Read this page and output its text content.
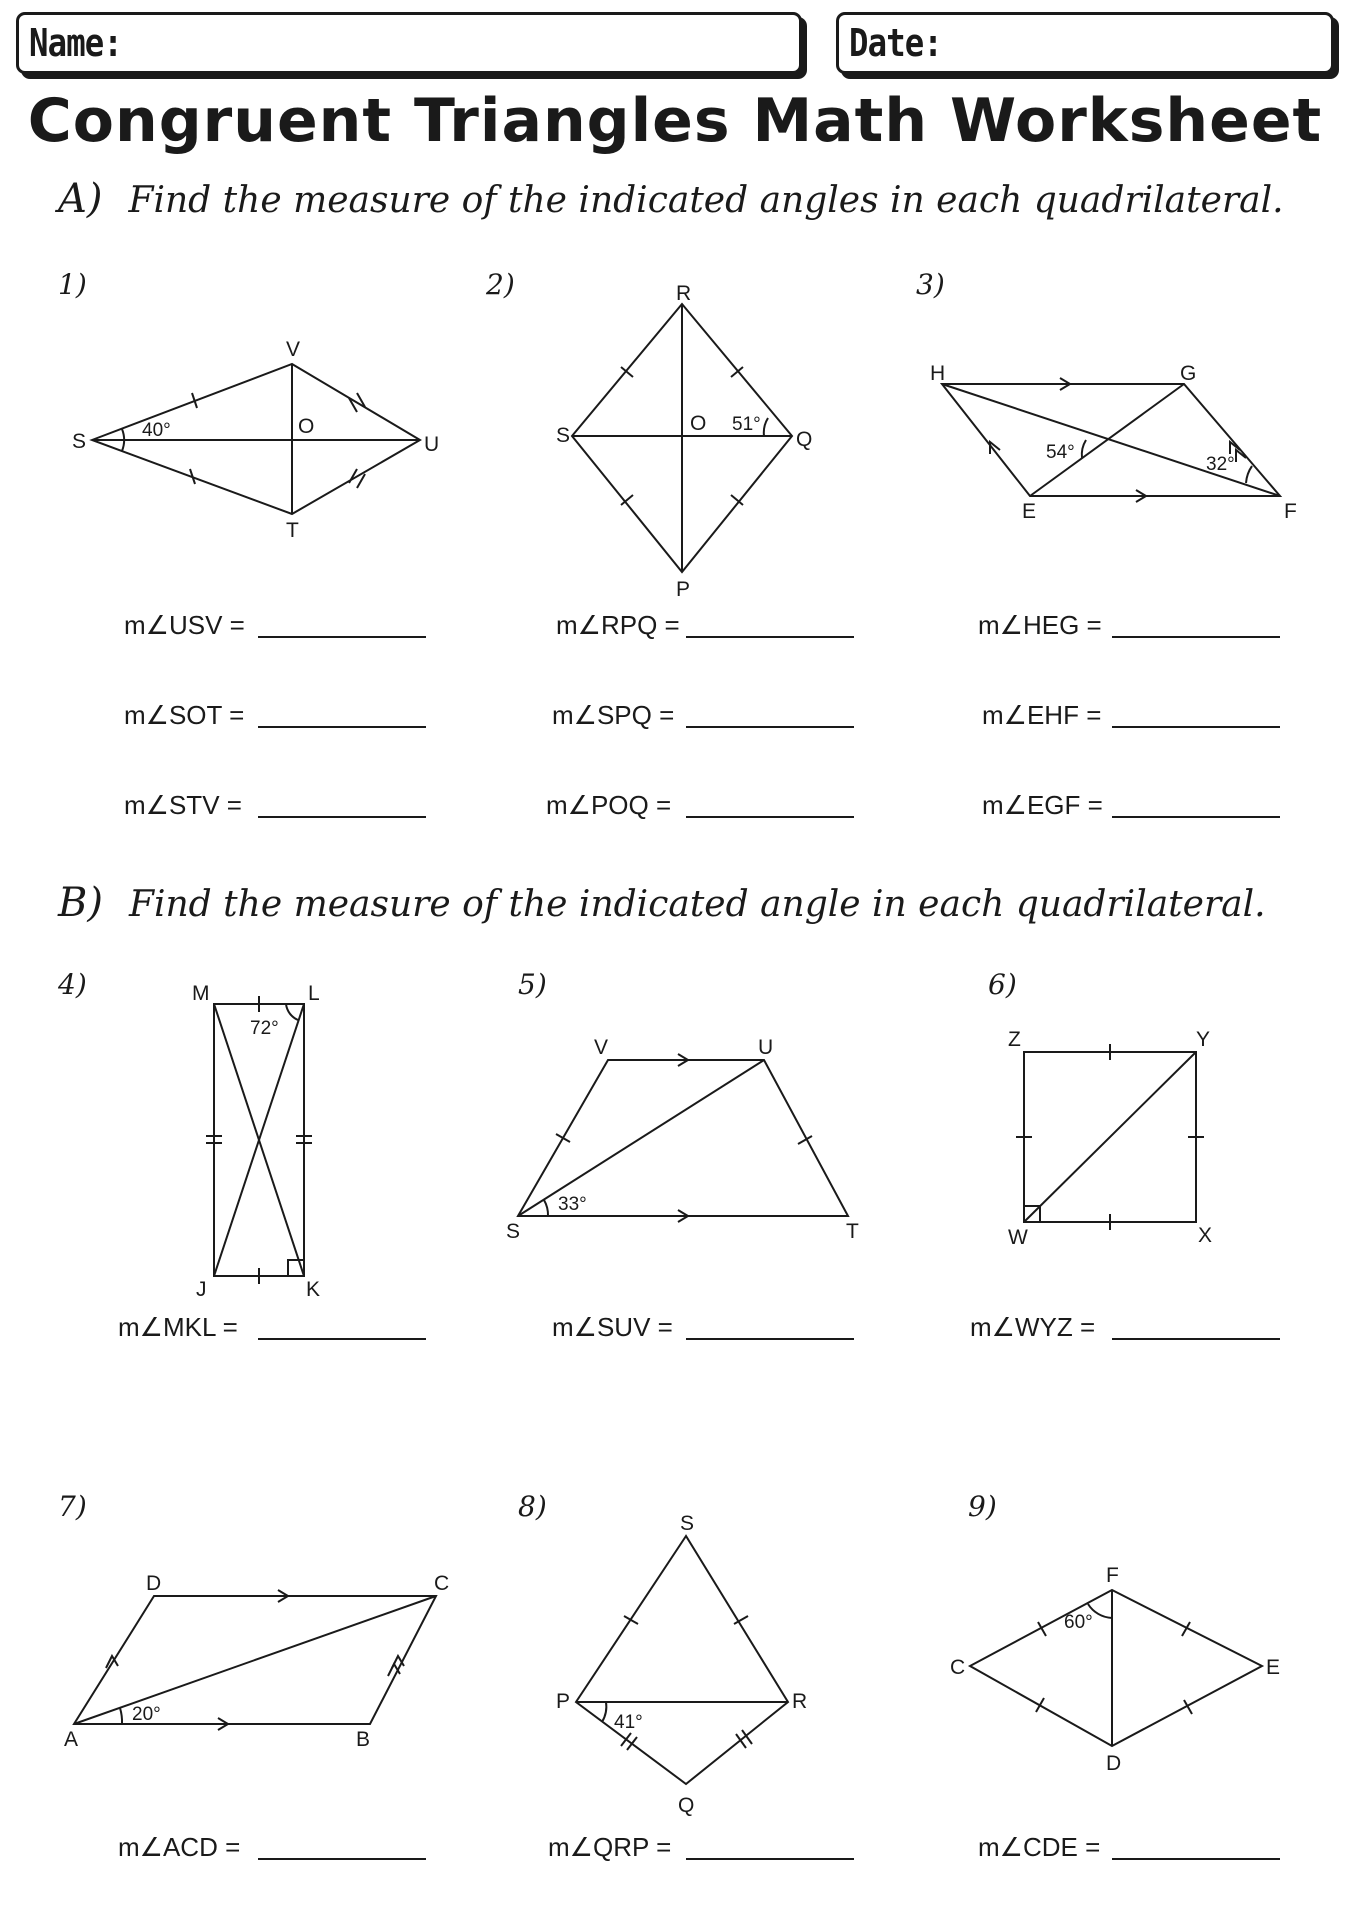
Name:	Date:
Congruent Triangles Math Worksheet
A) Find the measure of the indicated angles in each quadrilateral.
1)
V
S
O
U
T
40°
m∠USV =
m∠SOT =
m∠STV =
2)	R
S
O
Q
P
51°
m∠RPQ =
m∠SPQ =
m∠POQ =
3)
H	G
E	F
54°
32°
m∠HEG =
m∠EHF =
m∠EGF =
B) Find the measure of the indicated angle in each quadrilateral.
4)	M	L
J	K
72°
m∠MKL =
5)
V	U
S	T
33°
m∠SUV =
6)
Z	Y
W	X
m∠WYZ =
7)
D	C
A	B
20°
m∠ACD =
8)
S
P	R
Q
41°
m∠QRP =
9)
F
C	E
D
60°
m∠CDE =
